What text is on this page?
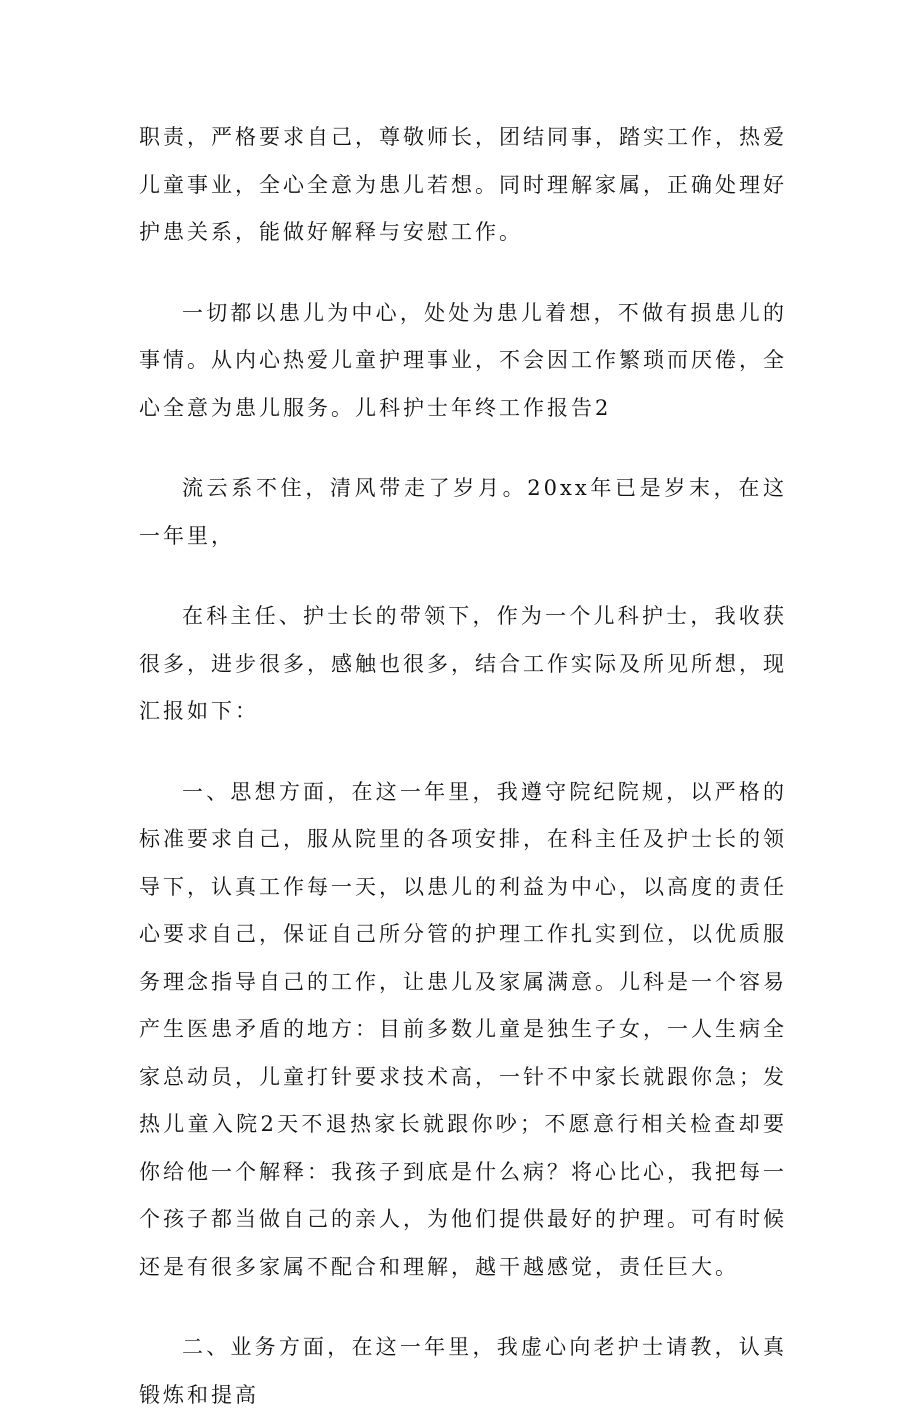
职责，严格要求自己，尊敬师长，团结同事，踏实工作，热爱儿童事业，全心全意为患儿若想。同时理解家属，正确处理好护患关系，能做好解释与安慰工作。

一切都以患儿为中心，处处为患儿着想，不做有损患儿的事情。从内心热爱儿童护理事业，不会因工作繁琐而厌倦，全心全意为患儿服务。儿科护士年终工作报告2

流云系不住，清风带走了岁月。20xx年已是岁末，在这一年里，

在科主任、护士长的带领下，作为一个儿科护士，我收获很多，进步很多，感触也很多，结合工作实际及所见所想，现汇报如下：

一、思想方面，在这一年里，我遵守院纪院规，以严格的标准要求自己，服从院里的各项安排，在科主任及护士长的领导下，认真工作每一天，以患儿的利益为中心，以高度的责任心要求自己，保证自己所分管的护理工作扎实到位，以优质服务理念指导自己的工作，让患儿及家属满意。儿科是一个容易产生医患矛盾的地方：目前多数儿童是独生子女，一人生病全家总动员，儿童打针要求技术高，一针不中家长就跟你急；发热儿童入院2天不退热家长就跟你吵；不愿意行相关检查却要你给他一个解释：我孩子到底是什么病？将心比心，我把每一个孩子都当做自己的亲人，为他们提供最好的护理。可有时候还是有很多家属不配合和理解，越干越感觉，责任巨大。

二、业务方面，在这一年里，我虚心向老护士请教，认真锻炼和提高
